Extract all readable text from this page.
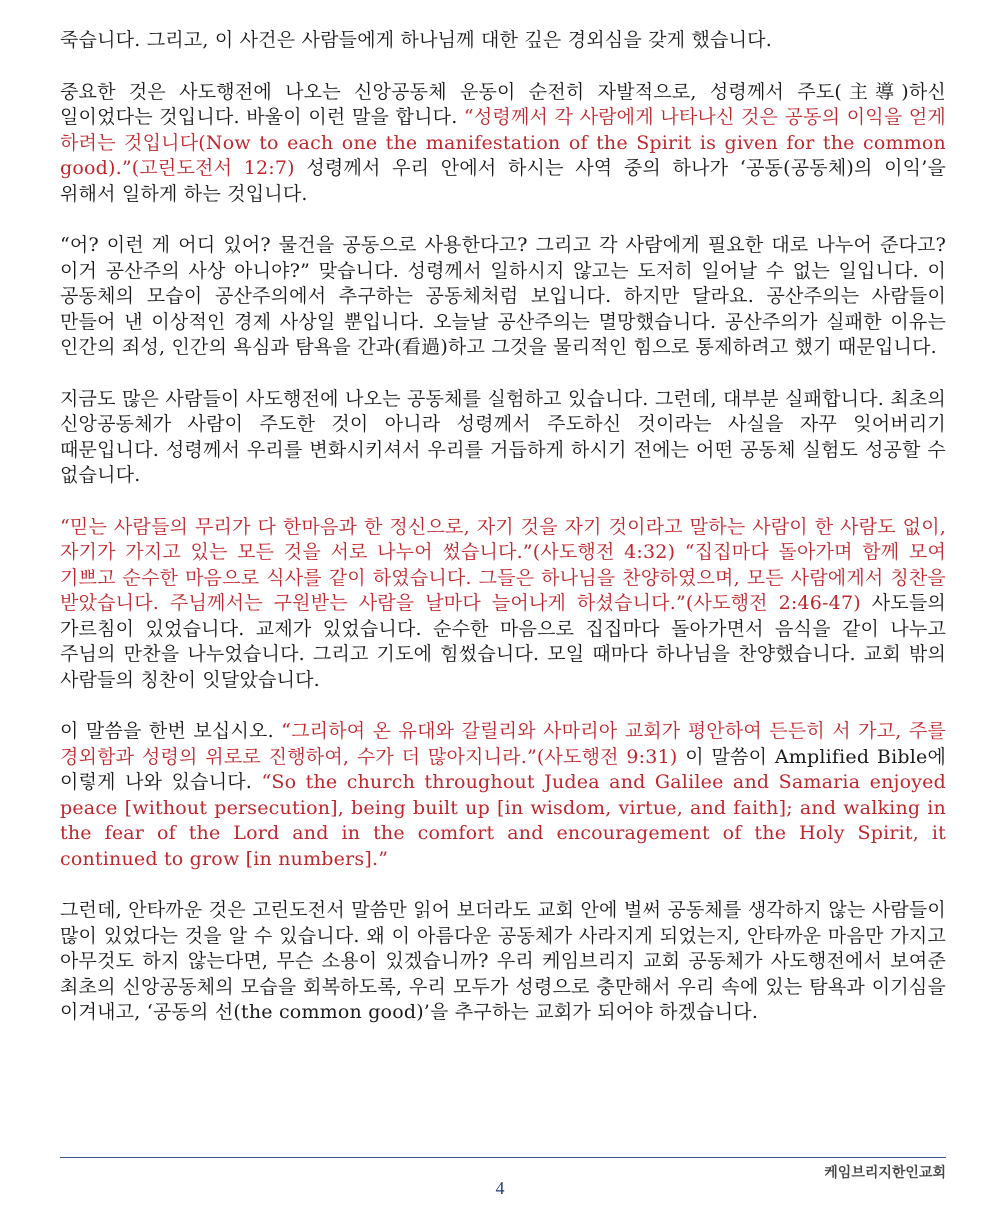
죽습니다. 그리고, 이 사건은 사람들에게 하나님께 대한 깊은 경외심을 갖게 했습니다.

중요한 것은 사도행전에 나오는 신앙공동체 운동이 순전히 자발적으로, 성령께서 주도(主導)하신 일이었다는 것입니다. 바울이 이런 말을 합니다. “성령께서 각 사람에게 나타나신 것은 공동의 이익을 얻게 하려는 것입니다(Now to each one the manifestation of the Spirit is given for the common good).”(고린도전서 12:7) 성령께서 우리 안에서 하시는 사역 중의 하나가 ‘공동(공동체)의 이익’을 위해서 일하게 하는 것입니다.

“어? 이런 게 어디 있어? 물건을 공동으로 사용한다고? 그리고 각 사람에게 필요한 대로 나누어 준다고? 이거 공산주의 사상 아니야?” 맞습니다. 성령께서 일하시지 않고는 도저히 일어날 수 없는 일입니다. 이 공동체의 모습이 공산주의에서 추구하는 공동체처럼 보입니다. 하지만 달라요. 공산주의는 사람들이 만들어 낸 이상적인 경제 사상일 뿐입니다. 오늘날 공산주의는 멸망했습니다. 공산주의가 실패한 이유는 인간의 죄성, 인간의 욕심과 탐욕을 간과(看過)하고 그것을 물리적인 힘으로 통제하려고 했기 때문입니다.

지금도 많은 사람들이 사도행전에 나오는 공동체를 실험하고 있습니다. 그런데, 대부분 실패합니다. 최초의 신앙공동체가 사람이 주도한 것이 아니라 성령께서 주도하신 것이라는 사실을 자꾸 잊어버리기 때문입니다. 성령께서 우리를 변화시키셔서 우리를 거듭하게 하시기 전에는 어떤 공동체 실험도 성공할 수 없습니다.

“믿는 사람들의 무리가 다 한마음과 한 정신으로, 자기 것을 자기 것이라고 말하는 사람이 한 사람도 없이, 자기가 가지고 있는 모든 것을 서로 나누어 썼습니다.”(사도행전 4:32) “집집마다 돌아가며 함께 모여 기쁘고 순수한 마음으로 식사를 같이 하였습니다. 그들은 하나님을 찬양하였으며, 모든 사람에게서 칭찬을 받았습니다. 주님께서는 구원받는 사람을 날마다 늘어나게 하셨습니다.”(사도행전 2:46-47) 사도들의 가르침이 있었습니다. 교제가 있었습니다. 순수한 마음으로 집집마다 돌아가면서 음식을 같이 나누고 주님의 만찬을 나누었습니다. 그리고 기도에 힘썼습니다. 모일 때마다 하나님을 찬양했습니다. 교회 밖의 사람들의 칭찬이 잇달았습니다.

이 말씀을 한번 보십시오. “그리하여 온 유대와 갈릴리와 사마리아 교회가 평안하여 든든히 서 가고, 주를 경외함과 성령의 위로로 진행하여, 수가 더 많아지니라.”(사도행전 9:31) 이 말씀이 Amplified Bible에 이렇게 나와 있습니다. “So the church throughout Judea and Galilee and Samaria enjoyed peace [without persecution], being built up [in wisdom, virtue, and faith]; and walking in the fear of the Lord and in the comfort and encouragement of the Holy Spirit, it continued to grow [in numbers].”

그런데, 안타까운 것은 고린도전서 말씀만 읽어 보더라도 교회 안에 벌써 공동체를 생각하지 않는 사람들이 많이 있었다는 것을 알 수 있습니다. 왜 이 아름다운 공동체가 사라지게 되었는지, 안타까운 마음만 가지고 아무것도 하지 않는다면, 무슨 소용이 있겠습니까? 우리 케임브리지 교회 공동체가 사도행전에서 보여준 최초의 신앙공동체의 모습을 회복하도록, 우리 모두가 성령으로 충만해서 우리 속에 있는 탐욕과 이기심을 이겨내고, ‘공동의 선(the common good)’을 추구하는 교회가 되어야 하겠습니다.

케임브리지한인교회
4
